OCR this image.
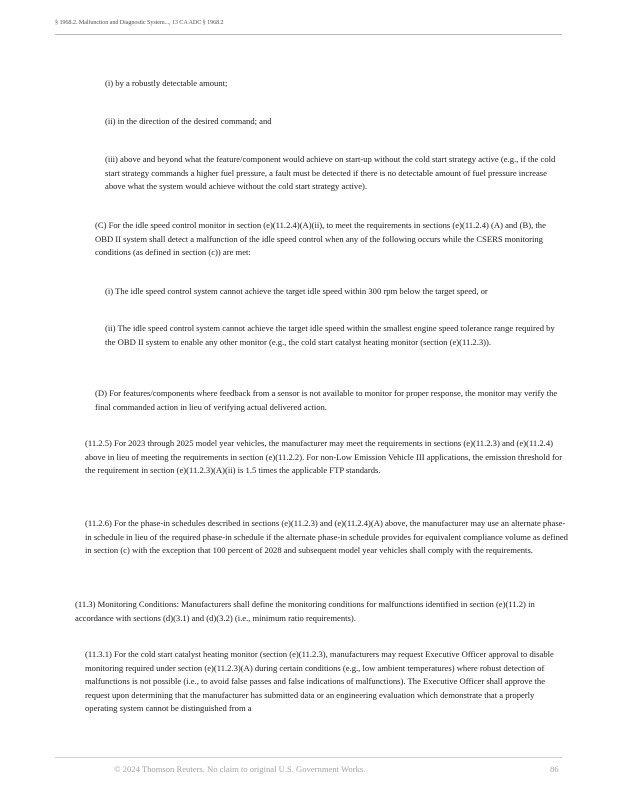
§ 1968.2. Malfunction and Diagnostic System..., 13 CA ADC § 1968.2

(i) by a robustly detectable amount;

(ii) in the direction of the desired command; and

(iii) above and beyond what the feature/component would achieve on start-up without the cold start strategy active (e.g., if the cold start strategy commands a higher fuel pressure, a fault must be detected if there is no detectable amount of fuel pressure increase above what the system would achieve without the cold start strategy active).

(C) For the idle speed control monitor in section (e)(11.2.4)(A)(ii), to meet the requirements in sections (e)(11.2.4) (A) and (B), the OBD II system shall detect a malfunction of the idle speed control when any of the following occurs while the CSERS monitoring conditions (as defined in section (c)) are met:

(i) The idle speed control system cannot achieve the target idle speed within 300 rpm below the target speed, or

(ii) The idle speed control system cannot achieve the target idle speed within the smallest engine speed tolerance range required by the OBD II system to enable any other monitor (e.g., the cold start catalyst heating monitor (section (e)(11.2.3)).

(D) For features/components where feedback from a sensor is not available to monitor for proper response, the monitor may verify the final commanded action in lieu of verifying actual delivered action.

(11.2.5) For 2023 through 2025 model year vehicles, the manufacturer may meet the requirements in sections (e)(11.2.3) and (e)(11.2.4) above in lieu of meeting the requirements in section (e)(11.2.2). For non-Low Emission Vehicle III applications, the emission threshold for the requirement in section (e)(11.2.3)(A)(ii) is 1.5 times the applicable FTP standards.

(11.2.6) For the phase-in schedules described in sections (e)(11.2.3) and (e)(11.2.4)(A) above, the manufacturer may use an alternate phase-in schedule in lieu of the required phase-in schedule if the alternate phase-in schedule provides for equivalent compliance volume as defined in section (c) with the exception that 100 percent of 2028 and subsequent model year vehicles shall comply with the requirements.

(11.3) Monitoring Conditions: Manufacturers shall define the monitoring conditions for malfunctions identified in section (e)(11.2) in accordance with sections (d)(3.1) and (d)(3.2) (i.e., minimum ratio requirements).

(11.3.1) For the cold start catalyst heating monitor (section (e)(11.2.3), manufacturers may request Executive Officer approval to disable monitoring required under section (e)(11.2.3)(A) during certain conditions (e.g., low ambient temperatures) where robust detection of malfunctions is not possible (i.e., to avoid false passes and false indications of malfunctions). The Executive Officer shall approve the request upon determining that the manufacturer has submitted data or an engineering evaluation which demonstrate that a properly operating system cannot be distinguished from a

© 2024 Thomson Reuters. No claim to original U.S. Government Works.	86
